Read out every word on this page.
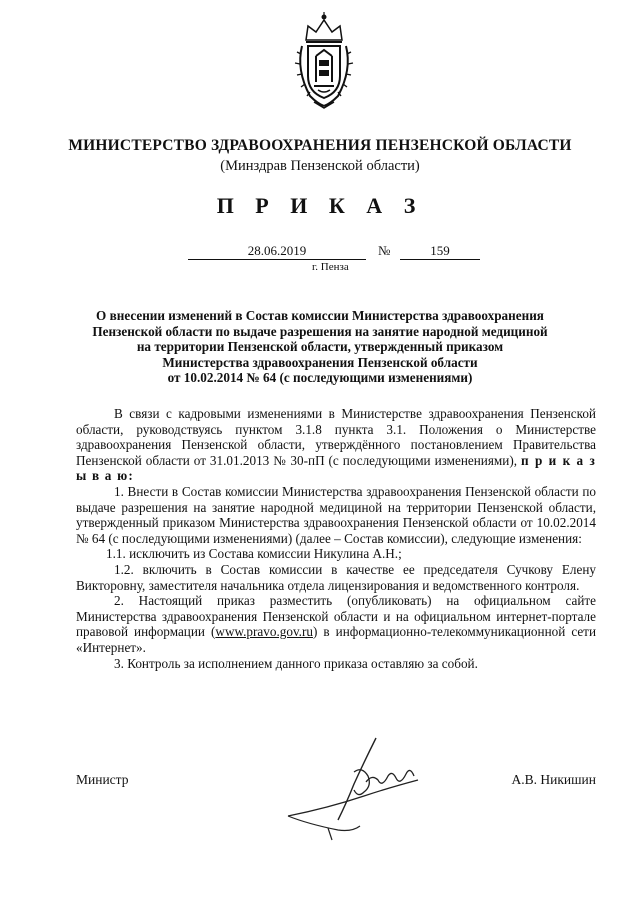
МИНИСТЕРСТВО ЗДРАВООХРАНЕНИЯ ПЕНЗЕНСКОЙ ОБЛАСТИ
(Минздрав Пензенской области)
П Р И К А З
28.06.2019	№	159
г. Пенза
О внесении изменений в Состав комиссии Министерства здравоохранения
Пензенской области по выдаче разрешения на занятие народной медициной
на территории Пензенской области, утвержденный приказом
Министерства здравоохранения Пензенской области
от 10.02.2014 № 64 (с последующими изменениями)

В связи с кадровыми изменениями в Министерстве здравоохранения Пензенской области, руководствуясь пунктом 3.1.8 пункта 3.1. Положения о Министерстве здравоохранения Пензенской области, утверждённого постановлением Правительства Пензенской области от 31.01.2013 № 30-пП (с последующими изменениями), п р и к а з ы в а ю:

1. Внести в Состав комиссии Министерства здравоохранения Пензенской области по выдаче разрешения на занятие народной медициной на территории Пензенской области, утвержденный приказом Министерства здравоохранения Пензенской области от 10.02.2014 № 64 (с последующими изменениями) (далее – Состав комиссии), следующие изменения:

1.1. исключить из Состава комиссии Никулина А.Н.;

1.2. включить в Состав комиссии в качестве ее председателя Сучкову Елену Викторовну, заместителя начальника отдела лицензирования и ведомственного контроля.

2. Настоящий приказ разместить (опубликовать) на официальном сайте Министерства здравоохранения Пензенской области и на официальном интернет-портале правовой информации (www.pravo.gov.ru) в информационно-телекоммуникационной сети «Интернет».

3. Контроль за исполнением данного приказа оставляю за собой.

Министр	А.В. Никишин
